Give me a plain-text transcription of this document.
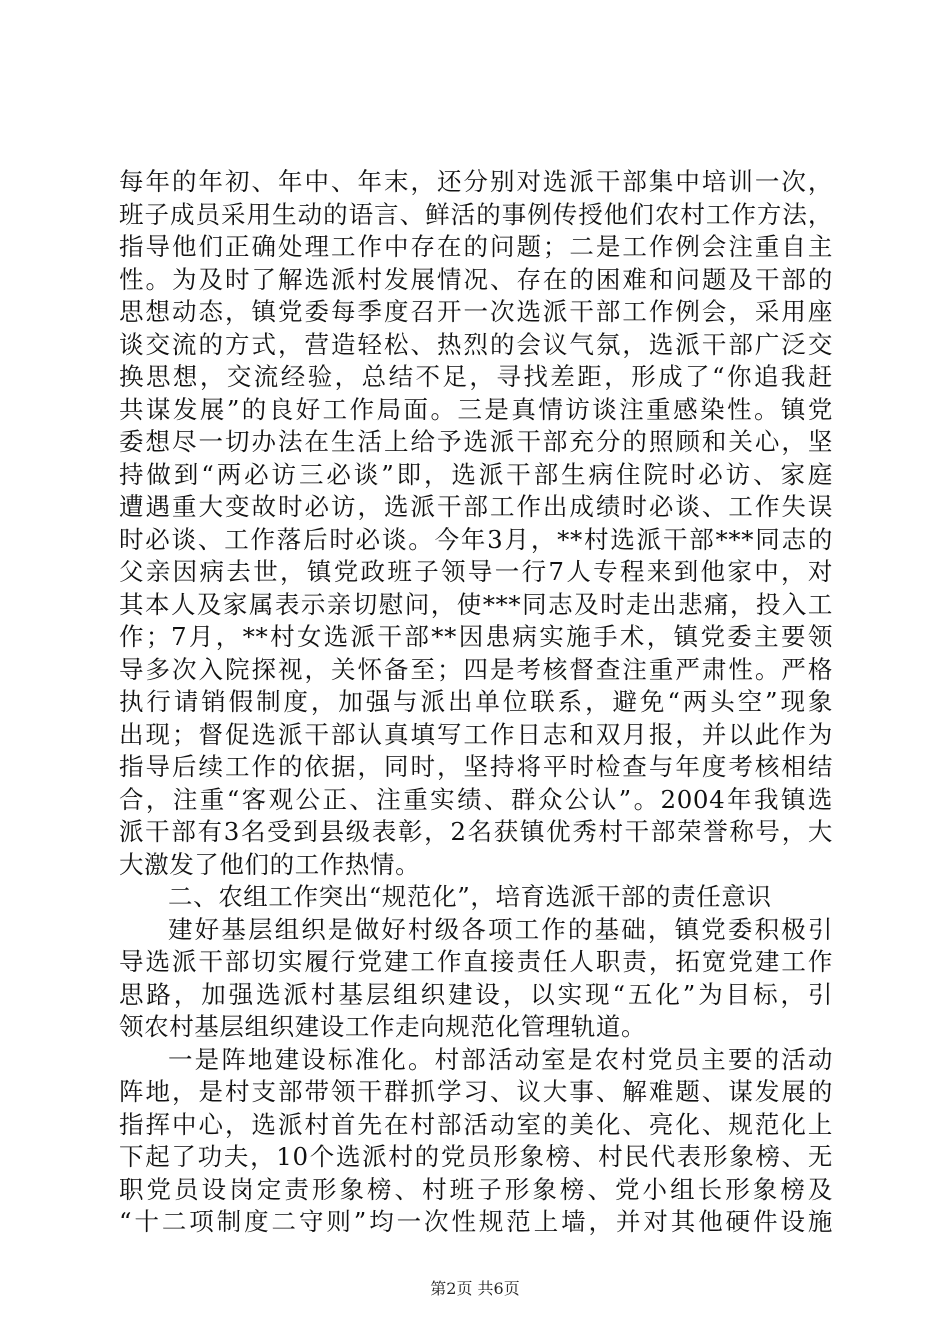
每年的年初、年中、年末，还分别对选派干部集中培训一次，
班子成员采用生动的语言、鲜活的事例传授他们农村工作方法，
指导他们正确处理工作中存在的问题；二是工作例会注重自主
性。为及时了解选派村发展情况、存在的困难和问题及干部的
思想动态，镇党委每季度召开一次选派干部工作例会，采用座
谈交流的方式，营造轻松、热烈的会议气氛，选派干部广泛交
换思想，交流经验，总结不足，寻找差距，形成了“你追我赶
共谋发展”的良好工作局面。三是真情访谈注重感染性。镇党
委想尽一切办法在生活上给予选派干部充分的照顾和关心，坚
持做到“两必访三必谈”即，选派干部生病住院时必访、家庭
遭遇重大变故时必访，选派干部工作出成绩时必谈、工作失误
时必谈、工作落后时必谈。今年3月，**村选派干部***同志的
父亲因病去世，镇党政班子领导一行7人专程来到他家中，对
其本人及家属表示亲切慰问，使***同志及时走出悲痛，投入工
作；7月，**村女选派干部**因患病实施手术，镇党委主要领
导多次入院探视，关怀备至；四是考核督查注重严肃性。严格
执行请销假制度，加强与派出单位联系，避免“两头空”现象
出现；督促选派干部认真填写工作日志和双月报，并以此作为
指导后续工作的依据，同时，坚持将平时检查与年度考核相结
合，注重“客观公正、注重实绩、群众公认”。2004年我镇选
派干部有3名受到县级表彰，2名获镇优秀村干部荣誉称号，大
大激发了他们的工作热情。
二、农组工作突出“规范化”，培育选派干部的责任意识
建好基层组织是做好村级各项工作的基础，镇党委积极引
导选派干部切实履行党建工作直接责任人职责，拓宽党建工作
思路，加强选派村基层组织建设，以实现“五化”为目标，引
领农村基层组织建设工作走向规范化管理轨道。
一是阵地建设标准化。村部活动室是农村党员主要的活动
阵地，是村支部带领干群抓学习、议大事、解难题、谋发展的
指挥中心，选派村首先在村部活动室的美化、亮化、规范化上
下起了功夫，10个选派村的党员形象榜、村民代表形象榜、无
职党员设岗定责形象榜、村班子形象榜、党小组长形象榜及
“十二项制度二守则”均一次性规范上墙，并对其他硬件设施
第2页 共6页
